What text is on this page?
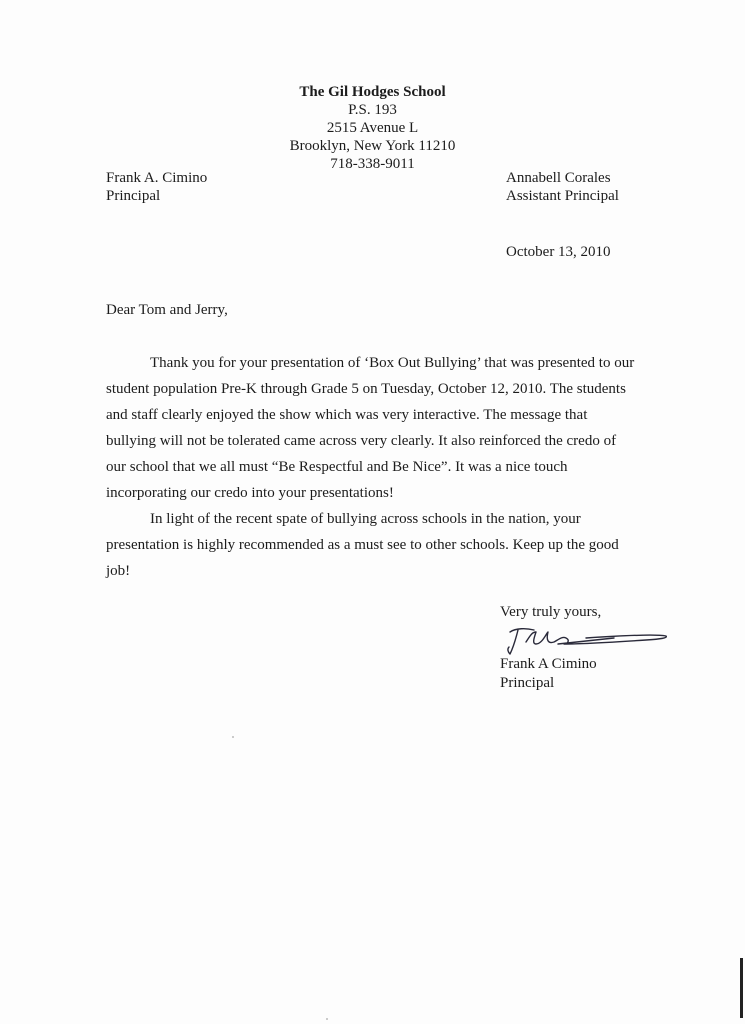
The Gil Hodges School
P.S. 193
2515 Avenue L
Brooklyn, New York 11210
718-338-9011
Frank A. Cimino
Principal
Annabell Corales
Assistant Principal
October 13, 2010
Dear Tom and Jerry,

Thank you for your presentation of ‘Box Out Bullying’ that was presented to our student population Pre-K through Grade 5 on Tuesday, October 12, 2010. The students and staff clearly enjoyed the show which was very interactive. The message that bullying will not be tolerated came across very clearly. It also reinforced the credo of our school that we all must “Be Respectful and Be Nice”. It was a nice touch incorporating our credo into your presentations!

In light of the recent spate of bullying across schools in the nation, your presentation is highly recommended as a must see to other schools. Keep up the good job!

Very truly yours,
Frank A Cimino
Principal
